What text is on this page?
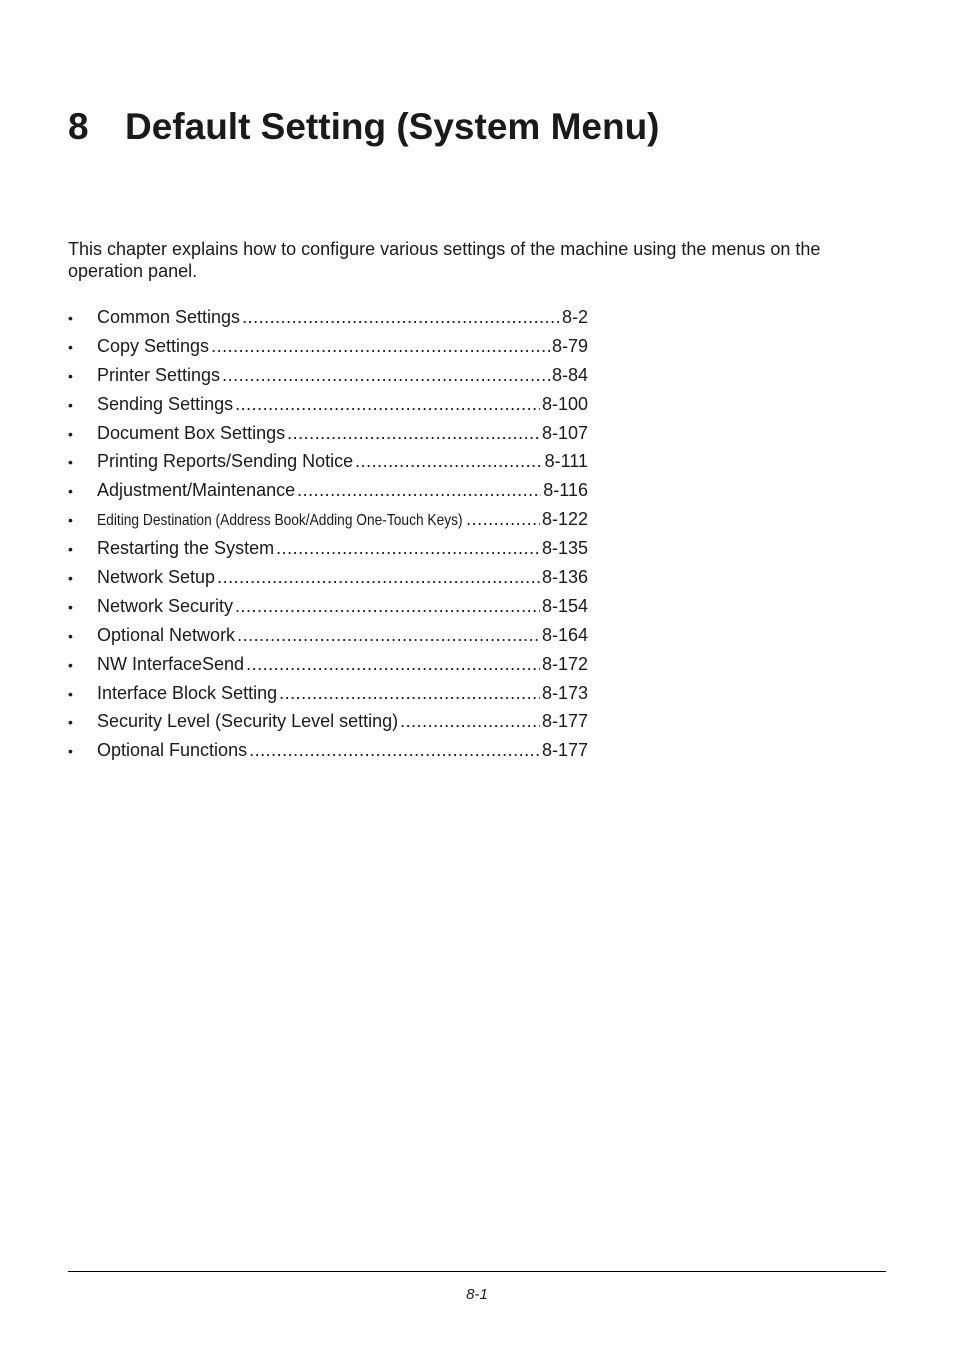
8 Default Setting (System Menu)

This chapter explains how to configure various settings of the machine using the menus on the operation panel.

•	Common Settings .....	8-2
•	Copy Settings .....	8-79
•	Printer Settings .....	8-84
•	Sending Settings .....	8-100
•	Document Box Settings .....	8-107
•	Printing Reports/Sending Notice .....	8-111
•	Adjustment/Maintenance .....	8-116
•	Editing Destination (Address Book/Adding One-Touch Keys) .....	8-122
•	Restarting the System .....	8-135
•	Network Setup .....	8-136
•	Network Security .....	8-154
•	Optional Network .....	8-164
•	NW InterfaceSend .....	8-172
•	Interface Block Setting .....	8-173
•	Security Level (Security Level setting) .....	8-177
•	Optional Functions .....	8-177
8-1
